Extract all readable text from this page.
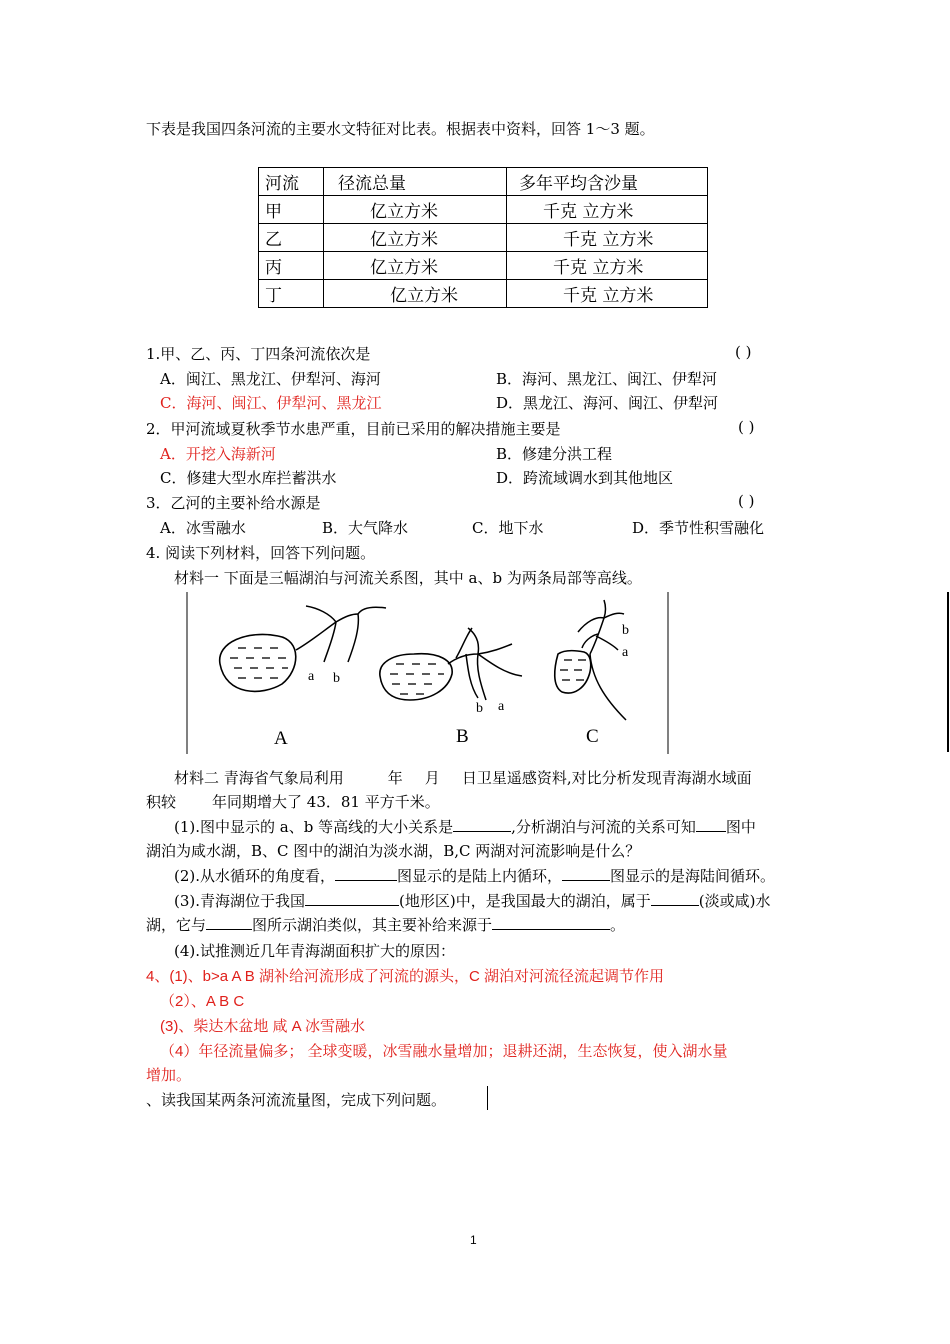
下表是我国四条河流的主要水文特征对比表。根据表中资料，回答 1～3 题。
河流	径流总量	多年平均含沙量
甲	亿立方米	千克 立方米
乙	亿立方米	千克 立方米
丙	亿立方米	千克 立方米
丁	亿立方米	千克 立方米
1.甲、乙、丙、丁四条河流依次是	( )
A．闽江、黑龙江、伊犁河、海河	B．海河、黑龙江、闽江、伊犁河
C．海河、闽江、伊犁河、黑龙江	D．黑龙江、海河、闽江、伊犁河
2．甲河流域夏秋季节水患严重，目前已采用的解决措施主要是	( )
A．开挖入海新河	B．修建分洪工程
C．修建大型水库拦蓄洪水	D．跨流域调水到其他地区
3．乙河的主要补给水源是	( )
A．冰雪融水	B．大气降水	C．地下水	D．季节性积雪融化
4. 阅读下列材料，回答下列问题。
材料一 下面是三幅湖泊与河流关系图，其中 a、b 为两条局部等高线。
a b
A
b a
B
b
a
C
材料二 青海省气象局利用	年 月 日卫星遥感资料,对比分析发现青海湖水域面
积较 年同期增大了 43．81 平方千米。
(1).图中显示的 a、b 等高线的大小关系是	,分析湖泊与河流的关系可知 图中
湖泊为咸水湖，B、C 图中的湖泊为淡水湖，B,C 两湖对河流影响是什么？
(2).从水循环的角度看，	图显示的是陆上内循环，	图显示的是海陆间循环。
(3).青海湖位于我国	(地形区)中，是我国最大的湖泊，属于	(淡或咸)水
湖，它与	图所示湖泊类似，其主要补给来源于	。
(4).试推测近几年青海湖面积扩大的原因：
4、(1)、b>a A B 湖补给河流形成了河流的源头，C 湖泊对河流径流起调节作用
（2）、A B C
(3)、柴达木盆地 咸 A 冰雪融水
（4）年径流量偏多； 全球变暖，冰雪融水量增加；退耕还湖，生态恢复，使入湖水量
增加。
、读我国某两条河流流量图，完成下列问题。
1
